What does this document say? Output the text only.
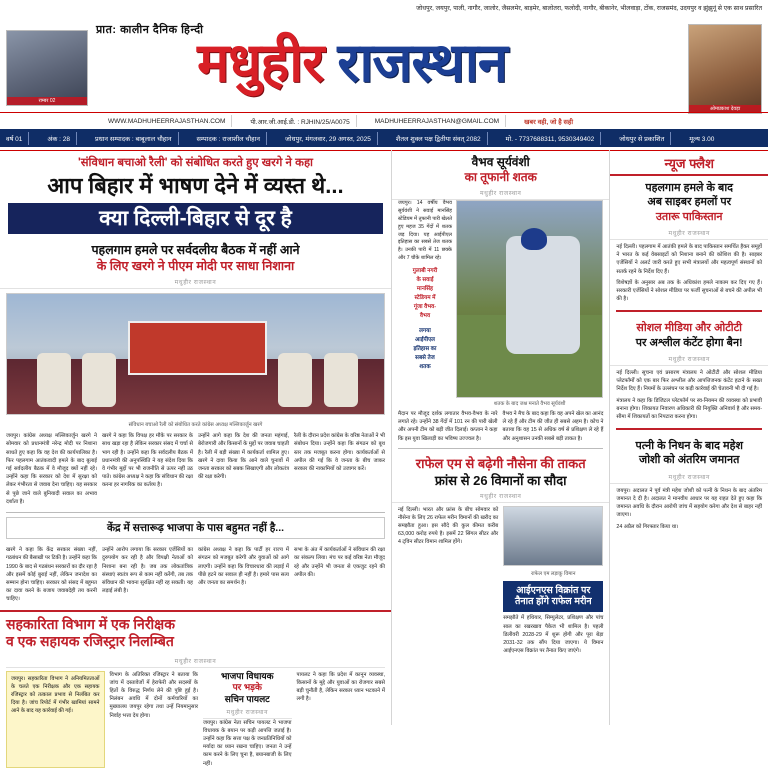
जोधपुर, जयपुर, पाली, नागौर, जालोर, जैसलमेर, बाड़मेर, बालोतरा, फलोदी, नागौर, बीकानेर, भीलवाड़ा, टोंक, राजसमंद, उदयपुर व झुंझुनूं से एक साथ प्रसारित
प्रात: कालीन दैनिक हिन्दी
राम्बर 02
मधुहीर राजस्थान
ओमप्रकाश देवड़ा
WWW.MADHUHEERRAJASTHAN.COM	पी.आर.जी.आई.डी. : RJHIN/25/A0075	MADHUHEERRAJASTHAN@GMAIL.COM	खबर वही, जो है सही
वर्ष 01	अंक : 28	प्रधान सम्पादक : बाबूलाल चौहान	सम्पादक : राजाशील चौहान	जोधपुर, मंगलवार, 29 अगस्त, 2025	शैतल शुक्ल पक्ष द्वितीया संवत् 2082	मो. - 7737688311, 9530349402	जोधपुर से प्रकाशित	मूल्य 3.00
'संविधान बचाओ रैली' को संबोधित करते हुए खरगे ने कहा
आप बिहार में भाषण देने में व्यस्त थे...
क्या दिल्ली-बिहार से दूर है
पहलगाम हमले पर सर्वदलीय बैठक में नहीं आने
के लिए खरगे ने पीएम मोदी पर साधा निशाना
मधुहीर राजस्थान
संविधान बचाओ रैली को संबोधित करते कांग्रेस अध्यक्ष मल्लिकार्जुन खरगे
जयपुर। कांग्रेस अध्यक्ष मल्लिकार्जुन खरगे ने सोमवार को प्रधानमंत्री नरेन्द्र मोदी पर निशाना साधते हुए कहा कि वह देश की कार्यपालिका है। फिर पहलगाम आतंकवादी हमले के बाद बुलाई गई सर्वदलीय बैठक में वे मौजूद क्यों नहीं रहे। उन्होंने कहा कि सरकार को देश में सुरक्षा को लेकर गंभीरता से जवाब देना चाहिए। यह सरकार से पूछे जाने वाले बुनियादी सवाल का अभाव दर्शाता है।
खरगे ने कहा कि विपक्ष हर मौके पर सरकार के साथ खड़ा रहा है लेकिन सरकार संसद में चर्चा से भाग रही है। उन्होंने कहा कि सर्वदलीय बैठक में प्रधानमंत्री की अनुपस्थिति ने यह संदेश दिया कि वे गंभीर मुद्दों पर भी राजनीति से ऊपर नहीं उठ पाते। कांग्रेस अध्यक्ष ने कहा कि संविधान की रक्षा करना हर नागरिक का कर्तव्य है।
उन्होंने आगे कहा कि देश की जनता महंगाई, बेरोजगारी और किसानों के मुद्दों पर जवाब चाहती है। रैली में बड़ी संख्या में कार्यकर्ता शामिल हुए। खरगे ने दावा किया कि आने वाले चुनावों में जनता सरकार को सबक सिखाएगी और लोकतंत्र की रक्षा करेगी।
रैली के दौरान प्रदेश कांग्रेस के वरिष्ठ नेताओं ने भी संबोधन दिया। उन्होंने कहा कि संगठन को बूथ स्तर तक मजबूत करना होगा। कार्यकर्ताओं से अपील की गई कि वे जनता के बीच जाकर सरकार की नाकामियों को उजागर करें।
केंद्र में सत्तारूढ़ भाजपा के पास बहुमत नहीं है...
खरगे ने कहा कि केंद्र सरकार संख्या नहीं, गठबंधन की बैसाखी पर टिकी है। उन्होंने कहा कि 1990 के बाद से गठबंधन सरकारों का दौर रहा है और इसमें कोई बुराई नहीं, लेकिन जनादेश का सम्मान होना चाहिए। सरकार को संसद में बहुमत का दावा करने के बजाय जवाबदेही तय करनी चाहिए।
उन्होंने आरोप लगाया कि सरकार एजेंसियों का दुरुपयोग कर रही है और विपक्षी नेताओं को निशाना बना रही है। जब तक लोकतांत्रिक संस्थाएं स्वतंत्र रूप से काम नहीं करेंगी, तब तक संविधान की भावना सुरक्षित नहीं रह सकती। यह लड़ाई लंबी है।
कांग्रेस अध्यक्ष ने कहा कि पार्टी हर राज्य में संगठन को मजबूत करेगी और युवाओं को आगे लाएगी। उन्होंने कहा कि विचारधारा की लड़ाई में पीछे हटने का सवाल ही नहीं है। हमारे पास सत्य और जनता का समर्थन है।
सभा के अंत में कार्यकर्ताओं ने संविधान की रक्षा का संकल्प लिया। मंच पर कई वरिष्ठ नेता मौजूद रहे और उन्होंने भी जनता से एकजुट रहने की अपील की।
सहकारिता विभाग में एक निरीक्षक
व एक सहायक रजिस्ट्रार निलम्बित
मधुहीर राजस्थान
जयपुर। सहकारिता विभाग ने अनियमितताओं के चलते एक निरीक्षक और एक सहायक रजिस्ट्रार को तत्काल प्रभाव से निलंबित कर दिया है। जांच रिपोर्ट में गंभीर खामियां सामने आने के बाद यह कार्रवाई की गई।
विभाग के अतिरिक्त रजिस्ट्रार ने बताया कि जांच में दस्तावेजों में हेराफेरी और सदस्यों के हितों के विरुद्ध निर्णय लेने की पुष्टि हुई है। निलंबन अवधि में दोनों कर्मचारियों का मुख्यालय जयपुर रहेगा तथा उन्हें नियमानुसार निर्वाह भत्ता देय होगा।
भाजपा विधायक
पर भड़के
सचिन पायलट
मधुहीर राजस्थान
जयपुर। कांग्रेस नेता सचिन पायलट ने भाजपा विधायक के बयान पर कड़ी आपत्ति जताई है। उन्होंने कहा कि सत्ता पक्ष के जनप्रतिनिधियों को मर्यादा का ध्यान रखना चाहिए। जनता ने उन्हें काम करने के लिए चुना है, बयानबाजी के लिए नहीं।
पायलट ने कहा कि प्रदेश में कानून व्यवस्था, किसानों के मुद्दे और युवाओं का रोजगार सबसे बड़ी चुनौती है, लेकिन सरकार ध्यान भटकाने में लगी है।
वैभव सूर्यवंशी
का तूफानी शतक
मधुहीर राजस्थान
जयपुर। 14 वर्षीय वैभव सूर्यवंशी ने सवाई मानसिंह स्टेडियम में तूफानी पारी खेलते हुए महज 35 गेंदों में शतक जड़ दिया। यह आईपीएल इतिहास का सबसे तेज शतक है। उनकी पारी में 11 छक्के और 7 चौके शामिल रहे।
गुलाबी नगरी
के सवाई
मानसिंह
स्टेडियम में
गूंजा वैभव-
वैभव
लगया
आईपीएल
इतिहास का
सबसे तेज
शतक
शतक के बाद जश्न मनाते वैभव सूर्यवंशी
मैदान पर मौजूद दर्शक लगातार वैभव-वैभव के नारे लगाते रहे। उन्होंने 38 गेंदों में 101 रन की पारी खेली और अपनी टीम को बड़ी जीत दिलाई। कप्तान ने कहा कि इस युवा खिलाड़ी का भविष्य उज्ज्वल है।
वैभव ने मैच के बाद कहा कि वह अपने खेल का आनंद ले रहे हैं और टीम की जीत ही सबसे अहम है। कोच ने बताया कि वह 15 से अधिक वर्ष से प्रशिक्षण ले रहे हैं और अनुशासन उनकी सबसे बड़ी ताकत है।
राफेल एम से बढ़ेगी नौसेना की ताकत
फ्रांस से 26 विमानों का सौदा
मधुहीर राजस्थान
नई दिल्ली। भारत और फ्रांस के बीच सोमवार को नौसेना के लिए 26 राफेल मरीन विमानों की खरीद का समझौता हुआ। इस सौदे की कुल कीमत करीब 63,000 करोड़ रुपये है। इसमें 22 सिंगल सीटर और 4 ट्विन सीटर विमान शामिल होंगे।
राफेल एम लड़ाकू विमान
आईएनएस विक्रांत पर
तैनात होंगे राफेल मरीन
समझौते में हथियार, सिम्युलेटर, प्रशिक्षण और पांच साल का रखरखाव पैकेज भी शामिल है। पहली डिलीवरी 2028-29 में शुरू होगी और पूरा बेड़ा 2031-32 तक सौंप दिया जाएगा। ये विमान आईएनएस विक्रांत पर तैनात किए जाएंगे।
न्यूज फ्लैश
पहलगाम हमले के बाद
अब साइबर हमलों पर
उतारू पाकिस्तान
मधुहीर राजस्थान
नई दिल्ली। पहलगाम में आतंकी हमले के बाद पाकिस्तान समर्थित हैकर समूहों ने भारत के कई वेबसाइटों को निशाना बनाने की कोशिश की है। साइबर एजेंसियों ने अलर्ट जारी करते हुए सभी मंत्रालयों और महत्वपूर्ण संस्थानों को सतर्क रहने के निर्देश दिए हैं।
विशेषज्ञों के अनुसार अब तक के अधिकांश हमले नाकाम कर दिए गए हैं। सरकारी एजेंसियों ने सोशल मीडिया पर फर्जी सूचनाओं से बचने की अपील भी की है।
सोशल मीडिया और ओटीटी
पर अश्लील कंटेंट होगा बैन!
मधुहीर राजस्थान
नई दिल्ली। सूचना एवं प्रसारण मंत्रालय ने ओटीटी और सोशल मीडिया प्लेटफॉर्मों को एक बार फिर अश्लील और आपत्तिजनक कंटेंट हटाने के सख्त निर्देश दिए हैं। नियमों के उल्लंघन पर कड़ी कार्रवाई की चेतावनी भी दी गई है।
मंत्रालय ने कहा कि डिजिटल प्लेटफॉर्म पर स्व-नियमन की व्यवस्था को प्रभावी बनाना होगा। शिकायत निवारण अधिकारी की नियुक्ति अनिवार्य है और समय-सीमा में शिकायतों का निपटारा करना होगा।
पत्नी के निधन के बाद महेश
जोशी को अंतरिम जमानत
मधुहीर राजस्थान
जयपुर। अदालत ने पूर्व मंत्री महेश जोशी को पत्नी के निधन के बाद अंतरिम जमानत दे दी है। अदालत ने मानवीय आधार पर यह राहत देते हुए कहा कि जमानत अवधि के दौरान आरोपी जांच में सहयोग करेगा और देश से बाहर नहीं जाएगा।
24 अप्रैल को गिरफ्तार किया था।
